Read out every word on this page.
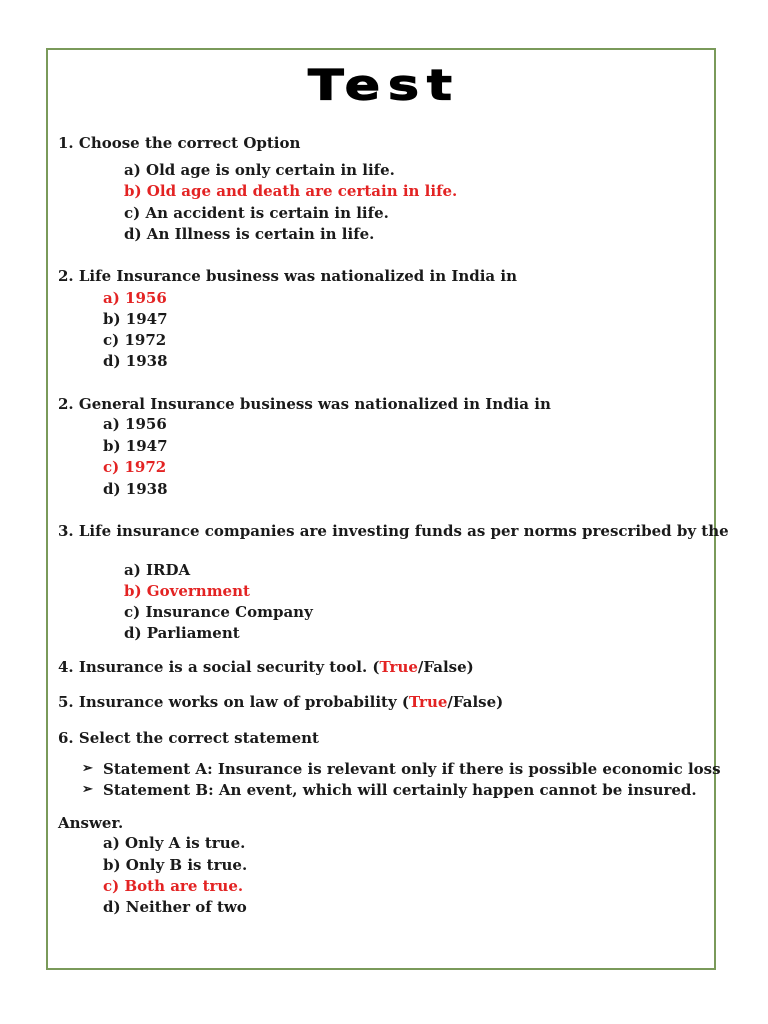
Test
1. Choose the correct Option
a) Old age is only certain in life.
b) Old age and death are certain in life.
c) An accident is certain in life.
d) An Illness is certain in life.
2. Life Insurance business was nationalized in India in
a) 1956
b) 1947
c) 1972
d) 1938
2. General Insurance business was nationalized in India in
a) 1956
b) 1947
c) 1972
d) 1938
3. Life insurance companies are investing funds as per norms prescribed by the
a) IRDA
b) Government
c) Insurance Company
d) Parliament
4. Insurance is a social security tool. (True/False)
5. Insurance works on law of probability (True/False)
6. Select the correct statement
➢ Statement A: Insurance is relevant only if there is possible economic loss
➢ Statement B: An event, which will certainly happen cannot be insured.
Answer.
a) Only A is true.
b) Only B is true.
c) Both are true.
d) Neither of two
